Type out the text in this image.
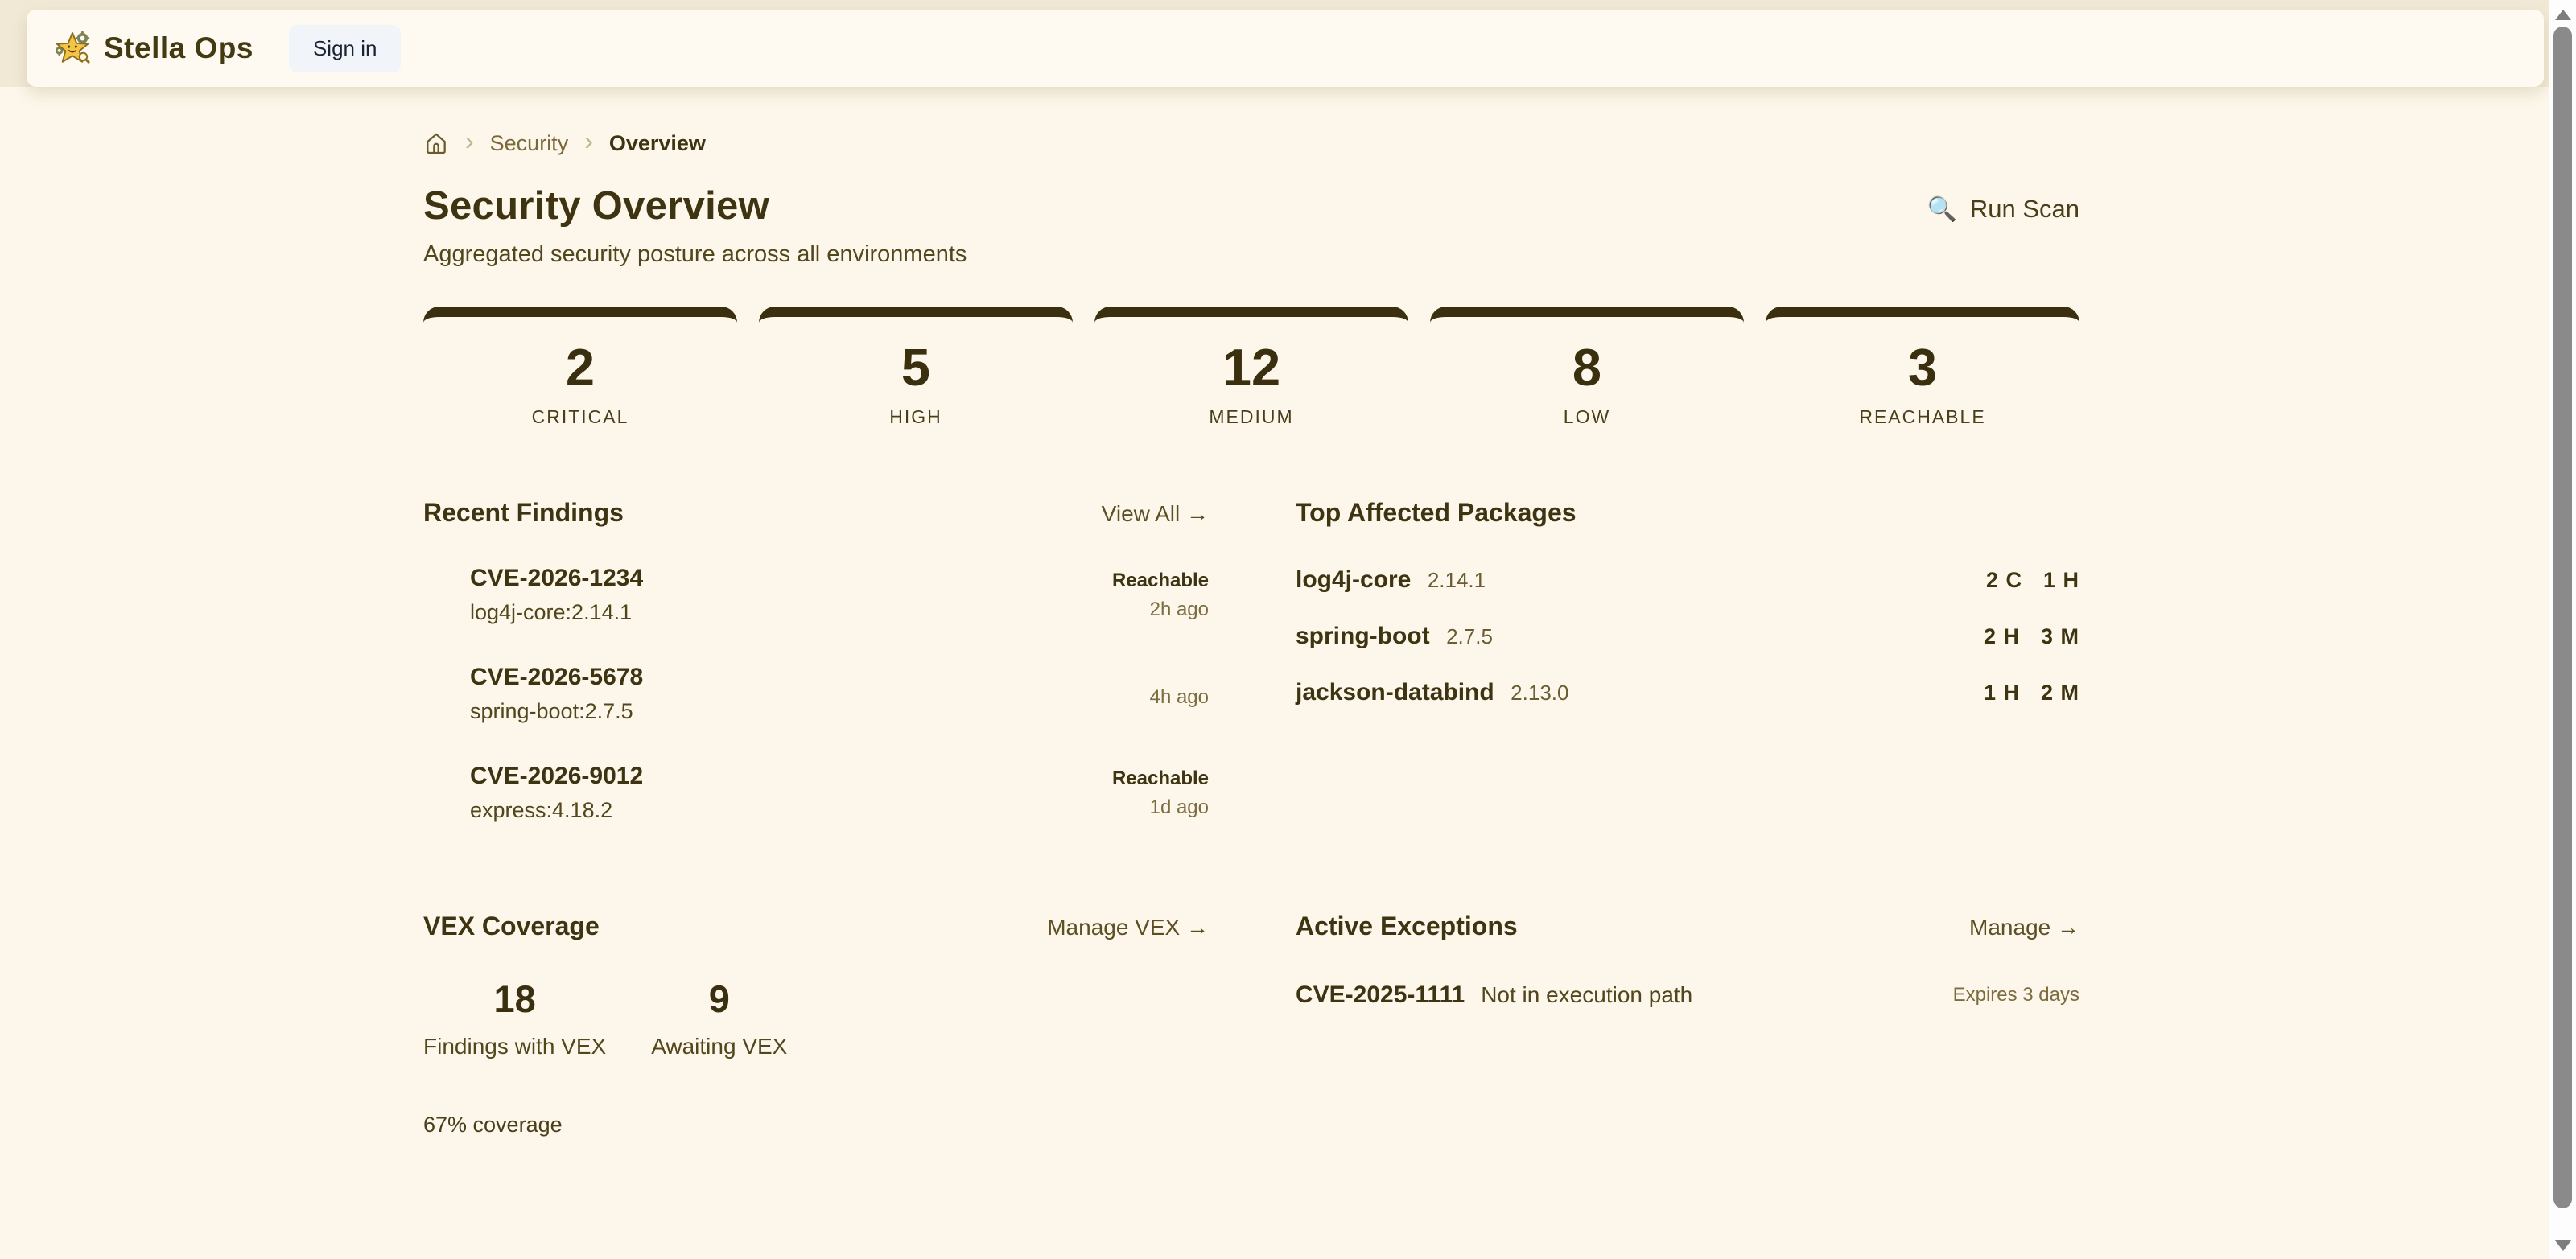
Stella Ops	Sign in
› Security › Overview
Security Overview
Aggregated security posture across all environments
🔍 Run Scan
2
CRITICAL
5
HIGH
12
MEDIUM
8
LOW
3
REACHABLE
Recent Findings	View All →
CVE-2026-1234
log4j-core:2.14.1
Reachable
2h ago
CVE-2026-5678
spring-boot:2.7.5
4h ago
CVE-2026-9012
express:4.18.2
Reachable
1d ago
Top Affected Packages
log4j-core 2.14.1	2 C 1 H
spring-boot 2.7.5	2 H 3 M
jackson-databind 2.13.0	1 H 2 M
VEX Coverage	Manage VEX →
18
Findings with VEX
9
Awaiting VEX
67% coverage
Active Exceptions	Manage →
CVE-2025-1111 Not in execution path	Expires 3 days
